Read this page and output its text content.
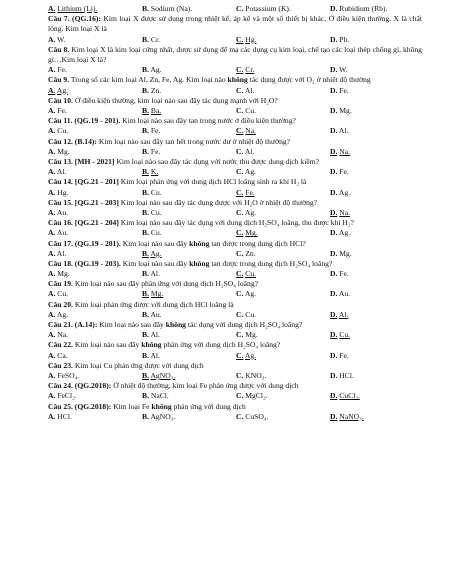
A. Lithium (Li).	B. Sodium (Na).	C. Potassium (K).	D. Rubidium (Rb).

Câu 7. (QG.16): Kim loại X được sử dụng trong nhiệt kế, áp kế và một số thiết bị khác. Ở điều kiện thường, X là chất lỏng. Kim loại X là

A. W.	B. Cr.	C. Hg.	D. Pb.

Câu 8. Kim loại X là kim loại cứng nhất, được sử dụng để mạ các dụng cụ kim loại, chế tạo các loại thép chống gỉ, không gỉ…Kim loại X là?

A. Fe.	B. Ag.	C. Cr.	D. W.

Câu 9. Trong số các kim loại Al, Zn, Fe, Ag. Kim loại nào không tác dụng được với O₂ ở nhiệt độ thường

A. Ag.	B. Zn.	C. Al.	D. Fe.

Câu 10. Ở điều kiện thường, kim loại nào sau đây tác dụng mạnh với H₂O?

A. Fe.	B. Ba.	C. Cu.	D. Mg.

Câu 11. (QG.19 - 201). Kim loại nào sau đây tan trong nước ở điều kiện thường?

A. Cu.	B. Fe.	C. Na.	D. Al.

Câu 12. (B.14): Kim loại nào sau đây tan hết trong nước dư ở nhiệt độ thường?

A. Mg.	B. Fe.	C. Al.	D. Na.

Câu 13. [MH - 2021] Kim loại nào sau đây tác dụng với nước thu được dung dịch kiềm?

A. Al.	B. K.	C. Ag.	D. Fe.

Câu 14. [QG.21 - 201] Kim loại phản ứng với dung dịch HCl loãng sinh ra khí H₂ là

A. Hg.	B. Cu.	C. Fe.	D. Ag.

Câu 15. [QG.21 - 203] Kim loại nào sau đây tác dụng được với H₂O ở nhiệt độ thường?

A. Au.	B. Cu.	C. Ag.	D. Na.

Câu 16. [QG.21 - 204] Kim loại nào sau đây tác dụng với dung dịch H₂SO₄ loãng, thu được khí H₂?

A. Au.	B. Cu.	C. Mg.	D. Ag.

Câu 17. (QG.19 - 201). Kim loại nào sau đây không tan được trong dung dịch HCl?

A. Al.	B. Ag.	C. Zn.	D. Mg.

Câu 18. (QG.19 - 203). Kim loại nào sau đây không tan được trong dung dịch H₂SO₄ loãng?

A. Mg.	B. Al.	C. Cu.	D. Fe.

Câu 19. Kim loại nào sau đây phản ứng với dung dịch H₂SO₄ loãng?

A. Cu.	B. Mg.	C. Ag.	D. Au.

Câu 20. Kim loại phản ứng được với dung dịch HCl loãng là

A. Ag.	B. Au.	C. Cu.	D. Al.

Câu 21. (A.14): Kim loại nào sau đây không tác dụng với dung dịch H₂SO₄ loãng?

A. Na.	B. Al.	C. Mg.	D. Cu.

Câu 22. Kim loại nào sau đây không phản ứng với dung dịch H₂SO₄ loãng?

A. Ca.	B. Al.	C. Ag.	D. Fe.

Câu 23. Kim loại Cu phản ứng được với dung dịch

A. FeSO₄.	B. AgNO₃.	C. KNO₃.	D. HCl.

Câu 24. (QG.2018): Ở nhiệt độ thường, kim loại Fe phản ứng được với dung dịch

A. FeCl₂.	B. NaCl.	C. MgCl₂.	D. CuCl₂.

Câu 25. (QG.2018): Kim loại Fe không phản ứng với dung dịch

A. HCl.	B. AgNO₃.	C. CuSO₄.	D. NaNO₃.
